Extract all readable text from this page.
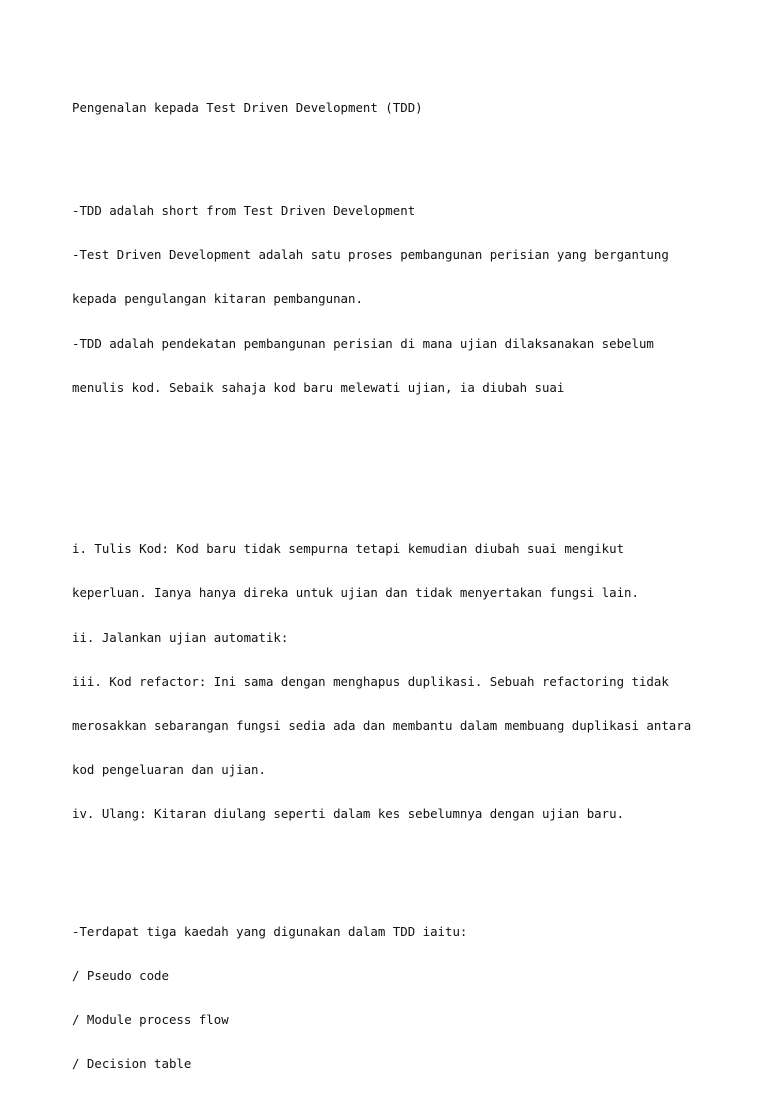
Pengenalan kepada Test Driven Development (TDD)

-TDD adalah short from Test Driven Development

-Test Driven Development adalah satu proses pembangunan perisian yang bergantung

kepada pengulangan kitaran pembangunan.

-TDD adalah pendekatan pembangunan perisian di mana ujian dilaksanakan sebelum

menulis kod. Sebaik sahaja kod baru melewati ujian, ia diubah suai

i. Tulis Kod: Kod baru tidak sempurna tetapi kemudian diubah suai mengikut

keperluan. Ianya hanya direka untuk ujian dan tidak menyertakan fungsi lain.

ii. Jalankan ujian automatik:

iii. Kod refactor: Ini sama dengan menghapus duplikasi. Sebuah refactoring tidak

merosakkan sebarangan fungsi sedia ada dan membantu dalam membuang duplikasi antara

kod pengeluaran dan ujian.

iv. Ulang: Kitaran diulang seperti dalam kes sebelumnya dengan ujian baru.

-Terdapat tiga kaedah yang digunakan dalam TDD iaitu:

/ Pseudo code

/ Module process flow

/ Decision table
